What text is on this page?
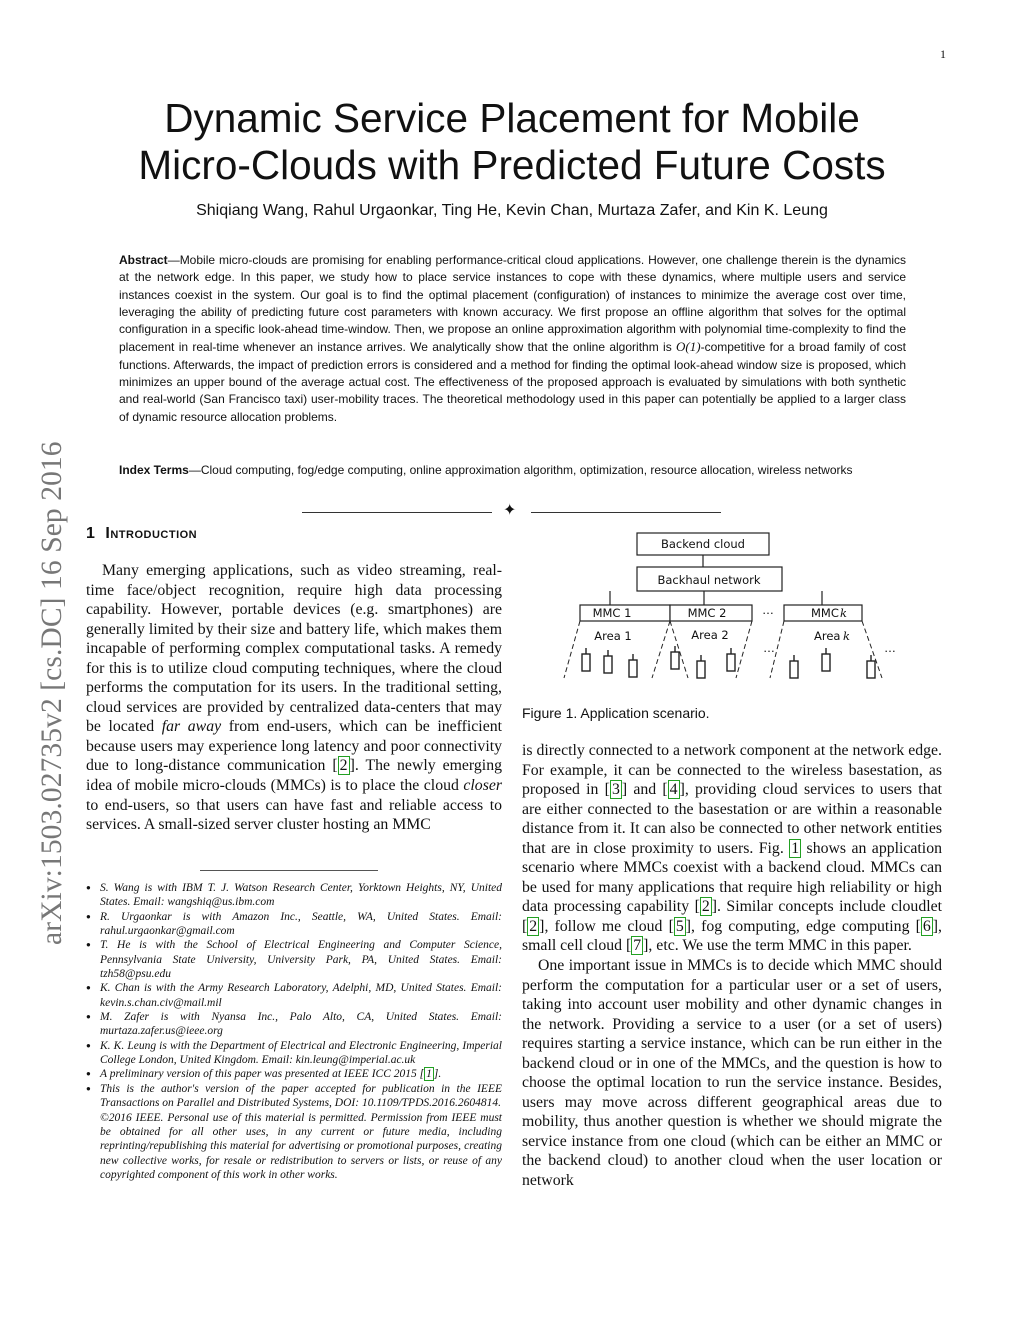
1
arXiv:1503.02735v2 [cs.DC] 16 Sep 2016
Dynamic Service Placement for Mobile
Micro-Clouds with Predicted Future Costs
Shiqiang Wang, Rahul Urgaonkar, Ting He, Kevin Chan, Murtaza Zafer, and Kin K. Leung
Abstract—Mobile micro-clouds are promising for enabling performance-critical cloud applications. However, one challenge therein is the dynamics at the network edge. In this paper, we study how to place service instances to cope with these dynamics, where multiple users and service instances coexist in the system. Our goal is to find the optimal placement (configuration) of instances to minimize the average cost over time, leveraging the ability of predicting future cost parameters with known accuracy. We first propose an offline algorithm that solves for the optimal configuration in a specific look-ahead time-window. Then, we propose an online approximation algorithm with polynomial time-complexity to find the placement in real-time whenever an instance arrives. We analytically show that the online algorithm is O(1)-competitive for a broad family of cost functions. Afterwards, the impact of prediction errors is considered and a method for finding the optimal look-ahead window size is proposed, which minimizes an upper bound of the average actual cost. The effectiveness of the proposed approach is evaluated by simulations with both synthetic and real-world (San Francisco taxi) user-mobility traces. The theoretical methodology used in this paper can potentially be applied to a larger class of dynamic resource allocation problems.
Index Terms—Cloud computing, fog/edge computing, online approximation algorithm, optimization, resource allocation, wireless networks
✦
1 Introduction

Many emerging applications, such as video streaming, real-time face/object recognition, require high data processing capability. However, portable devices (e.g. smartphones) are generally limited by their size and battery life, which makes them incapable of performing complex computational tasks. A remedy for this is to utilize cloud computing techniques, where the cloud performs the computation for its users. In the traditional setting, cloud services are provided by centralized data-centers that may be located far away from end-users, which can be inefficient because users may experience long latency and poor connectivity due to long-distance communication [ 2 ]. The newly emerging idea of mobile micro-clouds (MMCs) is to place the cloud closer to end-users, so that users can have fast and reliable access to services. A small-sized server cluster hosting an MMC

● S. Wang is with IBM T. J. Watson Research Center, Yorktown Heights, NY, United States. Email: wangshiq@us.ibm.com
● R. Urgaonkar is with Amazon Inc., Seattle, WA, United States. Email: rahul.urgaonkar@gmail.com
● T. He is with the School of Electrical Engineering and Computer Science, Pennsylvania State University, University Park, PA, United States. Email: tzh58@psu.edu
● K. Chan is with the Army Research Laboratory, Adelphi, MD, United States. Email: kevin.s.chan.civ@mail.mil
● M. Zafer is with Nyansa Inc., Palo Alto, CA, United States. Email: murtaza.zafer.us@ieee.org
● K. K. Leung is with the Department of Electrical and Electronic Engineering, Imperial College London, United Kingdom. Email: kin.leung@imperial.ac.uk
● A preliminary version of this paper was presented at IEEE ICC 2015 [ 1 ].
● This is the author's version of the paper accepted for publication in the IEEE Transactions on Parallel and Distributed Systems, DOI: 10.1109/TPDS.2016.2604814.
©2016 IEEE. Personal use of this material is permitted. Permission from IEEE must be obtained for all other uses, in any current or future media, including reprinting/republishing this material for advertising or promotional purposes, creating new collective works, for resale or redistribution to servers or lists, or reuse of any copyrighted component of this work in other works.
Backend cloud
Backhaul network
MMC 1	MMC 2	…	MMC k
Area 1	Area 2	Area k
…	…
Figure 1. Application scenario.

is directly connected to a network component at the network edge. For example, it can be connected to the wireless basestation, as proposed in [ 3 ] and [ 4 ], providing cloud services to users that are either connected to the basestation or are within a reasonable distance from it. It can also be connected to other network entities that are in close proximity to users. Fig. 1 shows an application scenario where MMCs coexist with a backend cloud. MMCs can be used for many applications that require high reliability or high data processing capability [ 2 ]. Similar concepts include cloudlet [ 2 ], follow me cloud [ 5 ], fog computing, edge computing [ 6 ], small cell cloud [ 7 ], etc. We use the term MMC in this paper.

One important issue in MMCs is to decide which MMC should perform the computation for a particular user or a set of users, taking into account user mobility and other dynamic changes in the network. Providing a service to a user (or a set of users) requires starting a service instance, which can be run either in the backend cloud or in one of the MMCs, and the question is how to choose the optimal location to run the service instance. Besides, users may move across different geographical areas due to mobility, thus another question is whether we should migrate the service instance from one cloud (which can be either an MMC or the backend cloud) to another cloud when the user location or network
